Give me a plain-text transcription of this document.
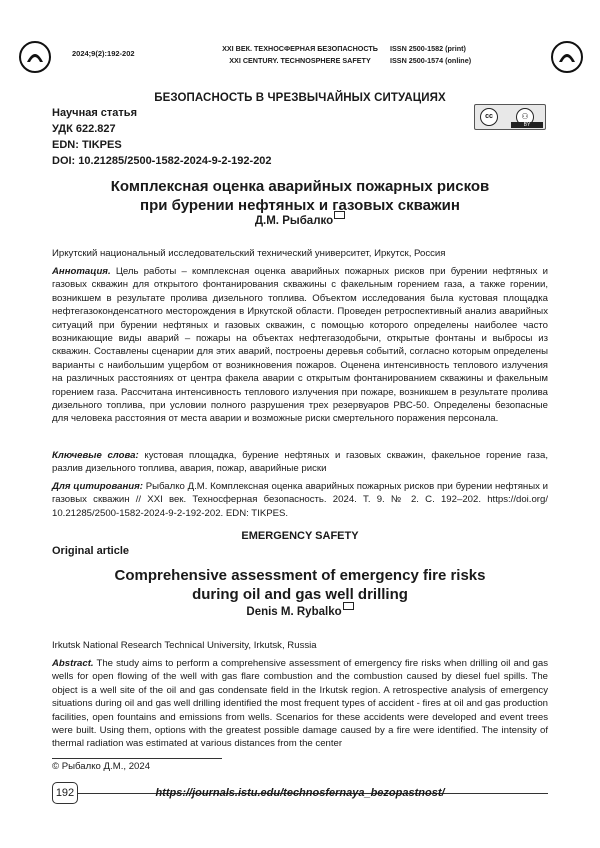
2024;9(2):192-202
XXI ВЕК. ТЕХНОСФЕРНАЯ БЕЗОПАСНОСТЬ
XXI CENTURY. TECHNOSPHERE SAFETY
ISSN 2500-1582 (print)
ISSN 2500-1574 (online)
БЕЗОПАСНОСТЬ В ЧРЕЗВЫЧАЙНЫХ СИТУАЦИЯХ
Научная статья
УДК 622.827
EDN: TIKPES
DOI: 10.21285/2500-1582-2024-9-2-192-202
cc	⚇
BY
Комплексная оценка аварийных пожарных рисков
при бурении нефтяных и газовых скважин
Д.М. Рыбалко
Иркутский национальный исследовательский технический университет, Иркутск, Россия
Аннотация. Цель работы – комплексная оценка аварийных пожарных рисков при бурении нефтяных и газовых скважин для открытого фонтанирования скважины с факельным горением газа, а также горении, возникшем в результате пролива дизельного топлива. Объектом исследования была кустовая площадка нефтегазоконденсатного месторождения в Иркутской области. Проведен ретроспективный анализ аварийных ситуаций при бурении нефтяных и газовых скважин, с помощью которого определены наиболее часто возникающие виды аварий – пожары на объектах нефтегазодобычи, открытые фонтаны и выбросы из скважин. Составлены сценарии для этих аварий, построены деревья событий, согласно которым определены варианты с наибольшим ущербом от возникновения пожаров. Оценена интенсивность теплового излучения на различных расстояниях от центра факела аварии с открытым фонтанированием скважины и факельным горением газа. Рассчитана интенсивность теплового излучения при пожаре, возникшем в результате пролива дизельного топлива, при условии полного разрушения трех резервуаров РВС-50. Определены безопасные для человека расстояния от места аварии и возможные риски смертельного поражения персонала.
Ключевые слова: кустовая площадка, бурение нефтяных и газовых скважин, факельное горение газа, разлив дизельного топлива, авария, пожар, аварийные риски
Для цитирования: Рыбалко Д.М. Комплексная оценка аварийных пожарных рисков при бурении нефтяных и газовых скважин // XXI век. Техносферная безопасность. 2024. Т. 9. № 2. С. 192–202. https://doi.org/ 10.21285/2500-1582-2024-9-2-192-202. EDN: TIKPES.
EMERGENCY SAFETY
Original article
Comprehensive assessment of emergency fire risks
during oil and gas well drilling
Denis M. Rybalko
Irkutsk National Research Technical University, Irkutsk, Russia
Abstract. The study aims to perform a comprehensive assessment of emergency fire risks when drilling oil and gas wells for open flowing of the well with gas flare combustion and the combustion caused by diesel fuel spills. The object is a well site of the oil and gas condensate field in the Irkutsk region. A retrospective analysis of emergency situations during oil and gas well drilling identified the most frequent types of accident - fires at oil and gas production facilities, open fountains and emissions from wells. Scenarios for these accidents were developed and event trees were built. Using them, options with the greatest possible damage caused by a fire were identified. The intensity of thermal radiation was estimated at various distances from the center
© Рыбалко Д.М., 2024
192	https://journals.istu.edu/technosfernaya_bezopastnost/
